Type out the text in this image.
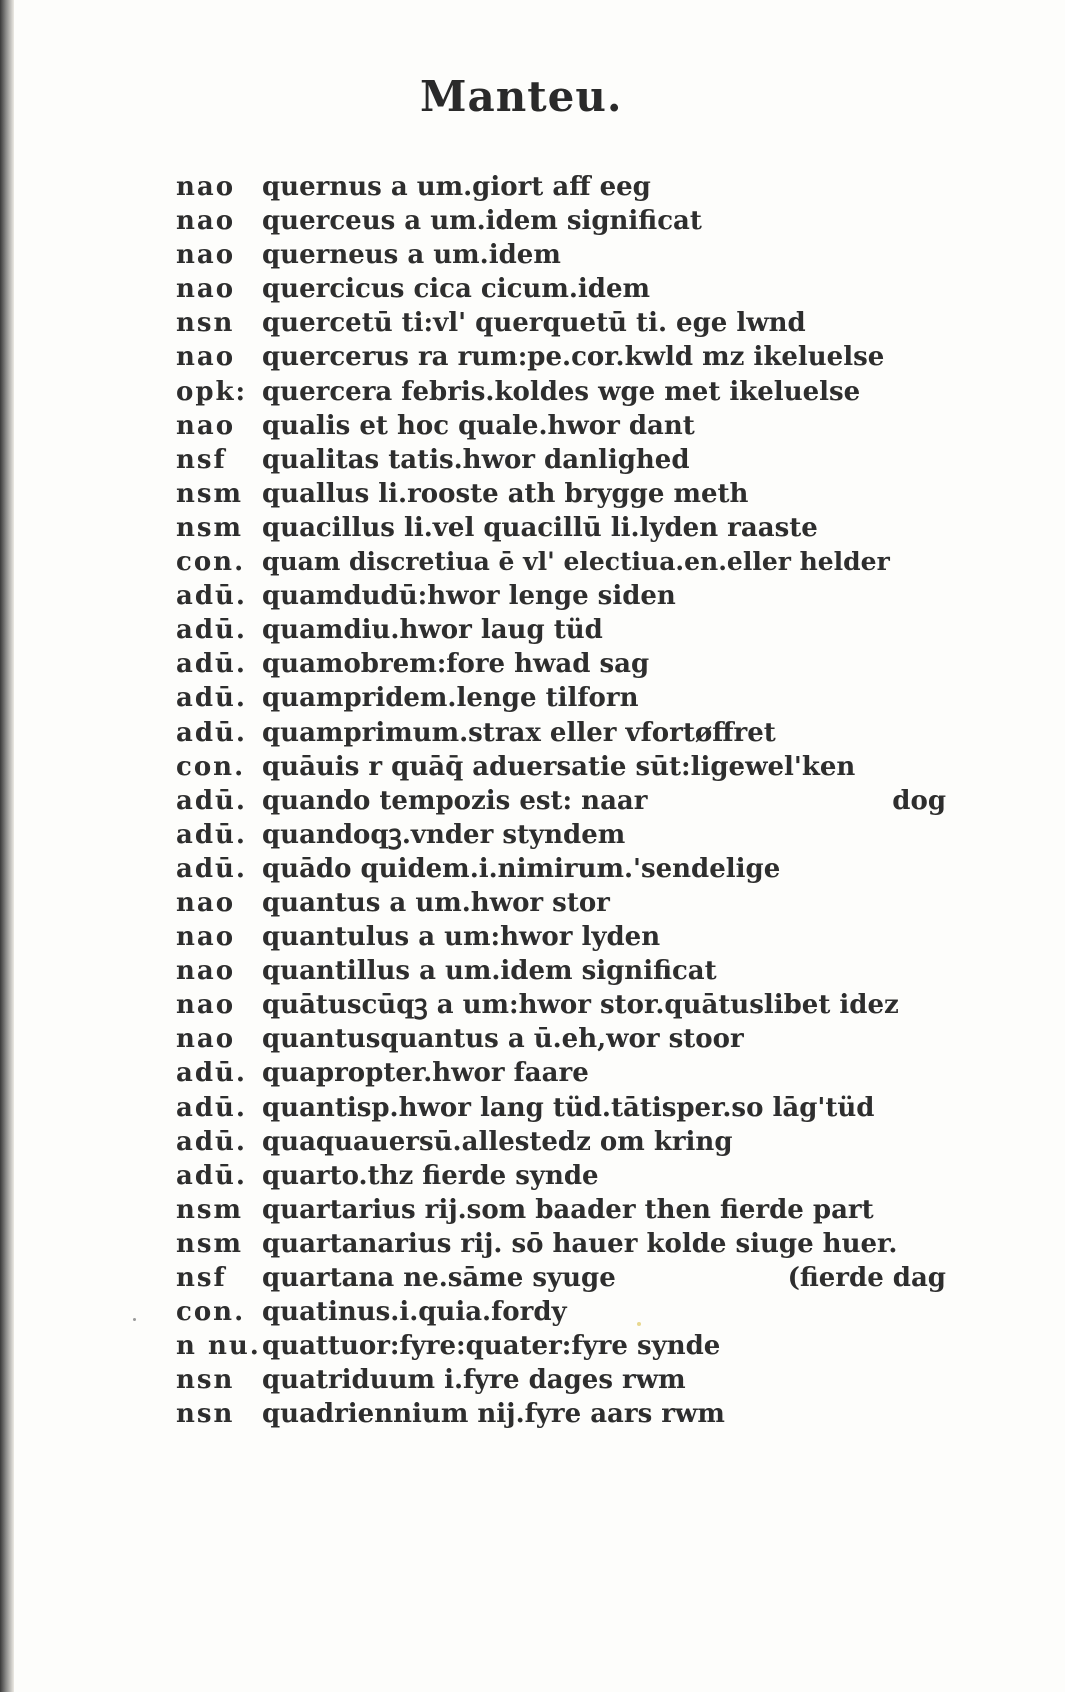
Manteu.
nao	quernus a um.giort aff eeg
nao	querceus a um.idem significat
nao	querneus a um.idem
nao	quercicus cica cicum.idem
nsn	quercetū ti:vl' querquetū ti. ege lwnd
nao	quercerus ra rum:pe.cor.kwld mz ikeluelse
opk: quercera febris.koldes wge met ikeluelse
nao	qualis et hoc quale.hwor dant
nsf	qualitas tatis.hwor danlighed
nsm quallus li.rooste ath brygge meth
nsm quacillus li.vel quacillū li.lyden raaste
con. quam discretiua ē vl' electiua.en.eller helder
adū. quamdudū:hwor lenge siden
adū. quamdiu.hwor laug tüd
adū. quamobrem:fore hwad sag
adū. quampridem.lenge tilforn
adū. quamprimum.strax eller vfortøffret
con. quāuis r quāq̄ aduersatie sūt:ligewel'ken
adū. quando tempozis est: naar	dog
adū. quandoqꝫ.vnder styndem
adū. quādo quidem.i.nimirum.'sendelige
nao	quantus a um.hwor stor
nao	quantulus a um:hwor lyden
nao	quantillus a um.idem significat
nao	quātuscūqꝫ a um:hwor stor.quātuslibet idez
nao	quantusquantus a ū.eh,wor stoor
adū. quapropter.hwor faare
adū. quantisp.hwor lang tüd.tātisper.so lāg'tüd
adū. quaquauersū.allestedz om kring
adū. quarto.thz fierde synde
nsm quartarius rij.som baader then fierde part
nsm quartanarius rij. sō hauer kolde siuge huer.
nsf	quartana ne.sāme syuge	(fierde dag
con. quatinus.i.quia.fordy
n nu. quattuor:fyre:quater:fyre synde
nsn	quatriduum i.fyre dages rwm
nsn	quadriennium nij.fyre aars rwm
